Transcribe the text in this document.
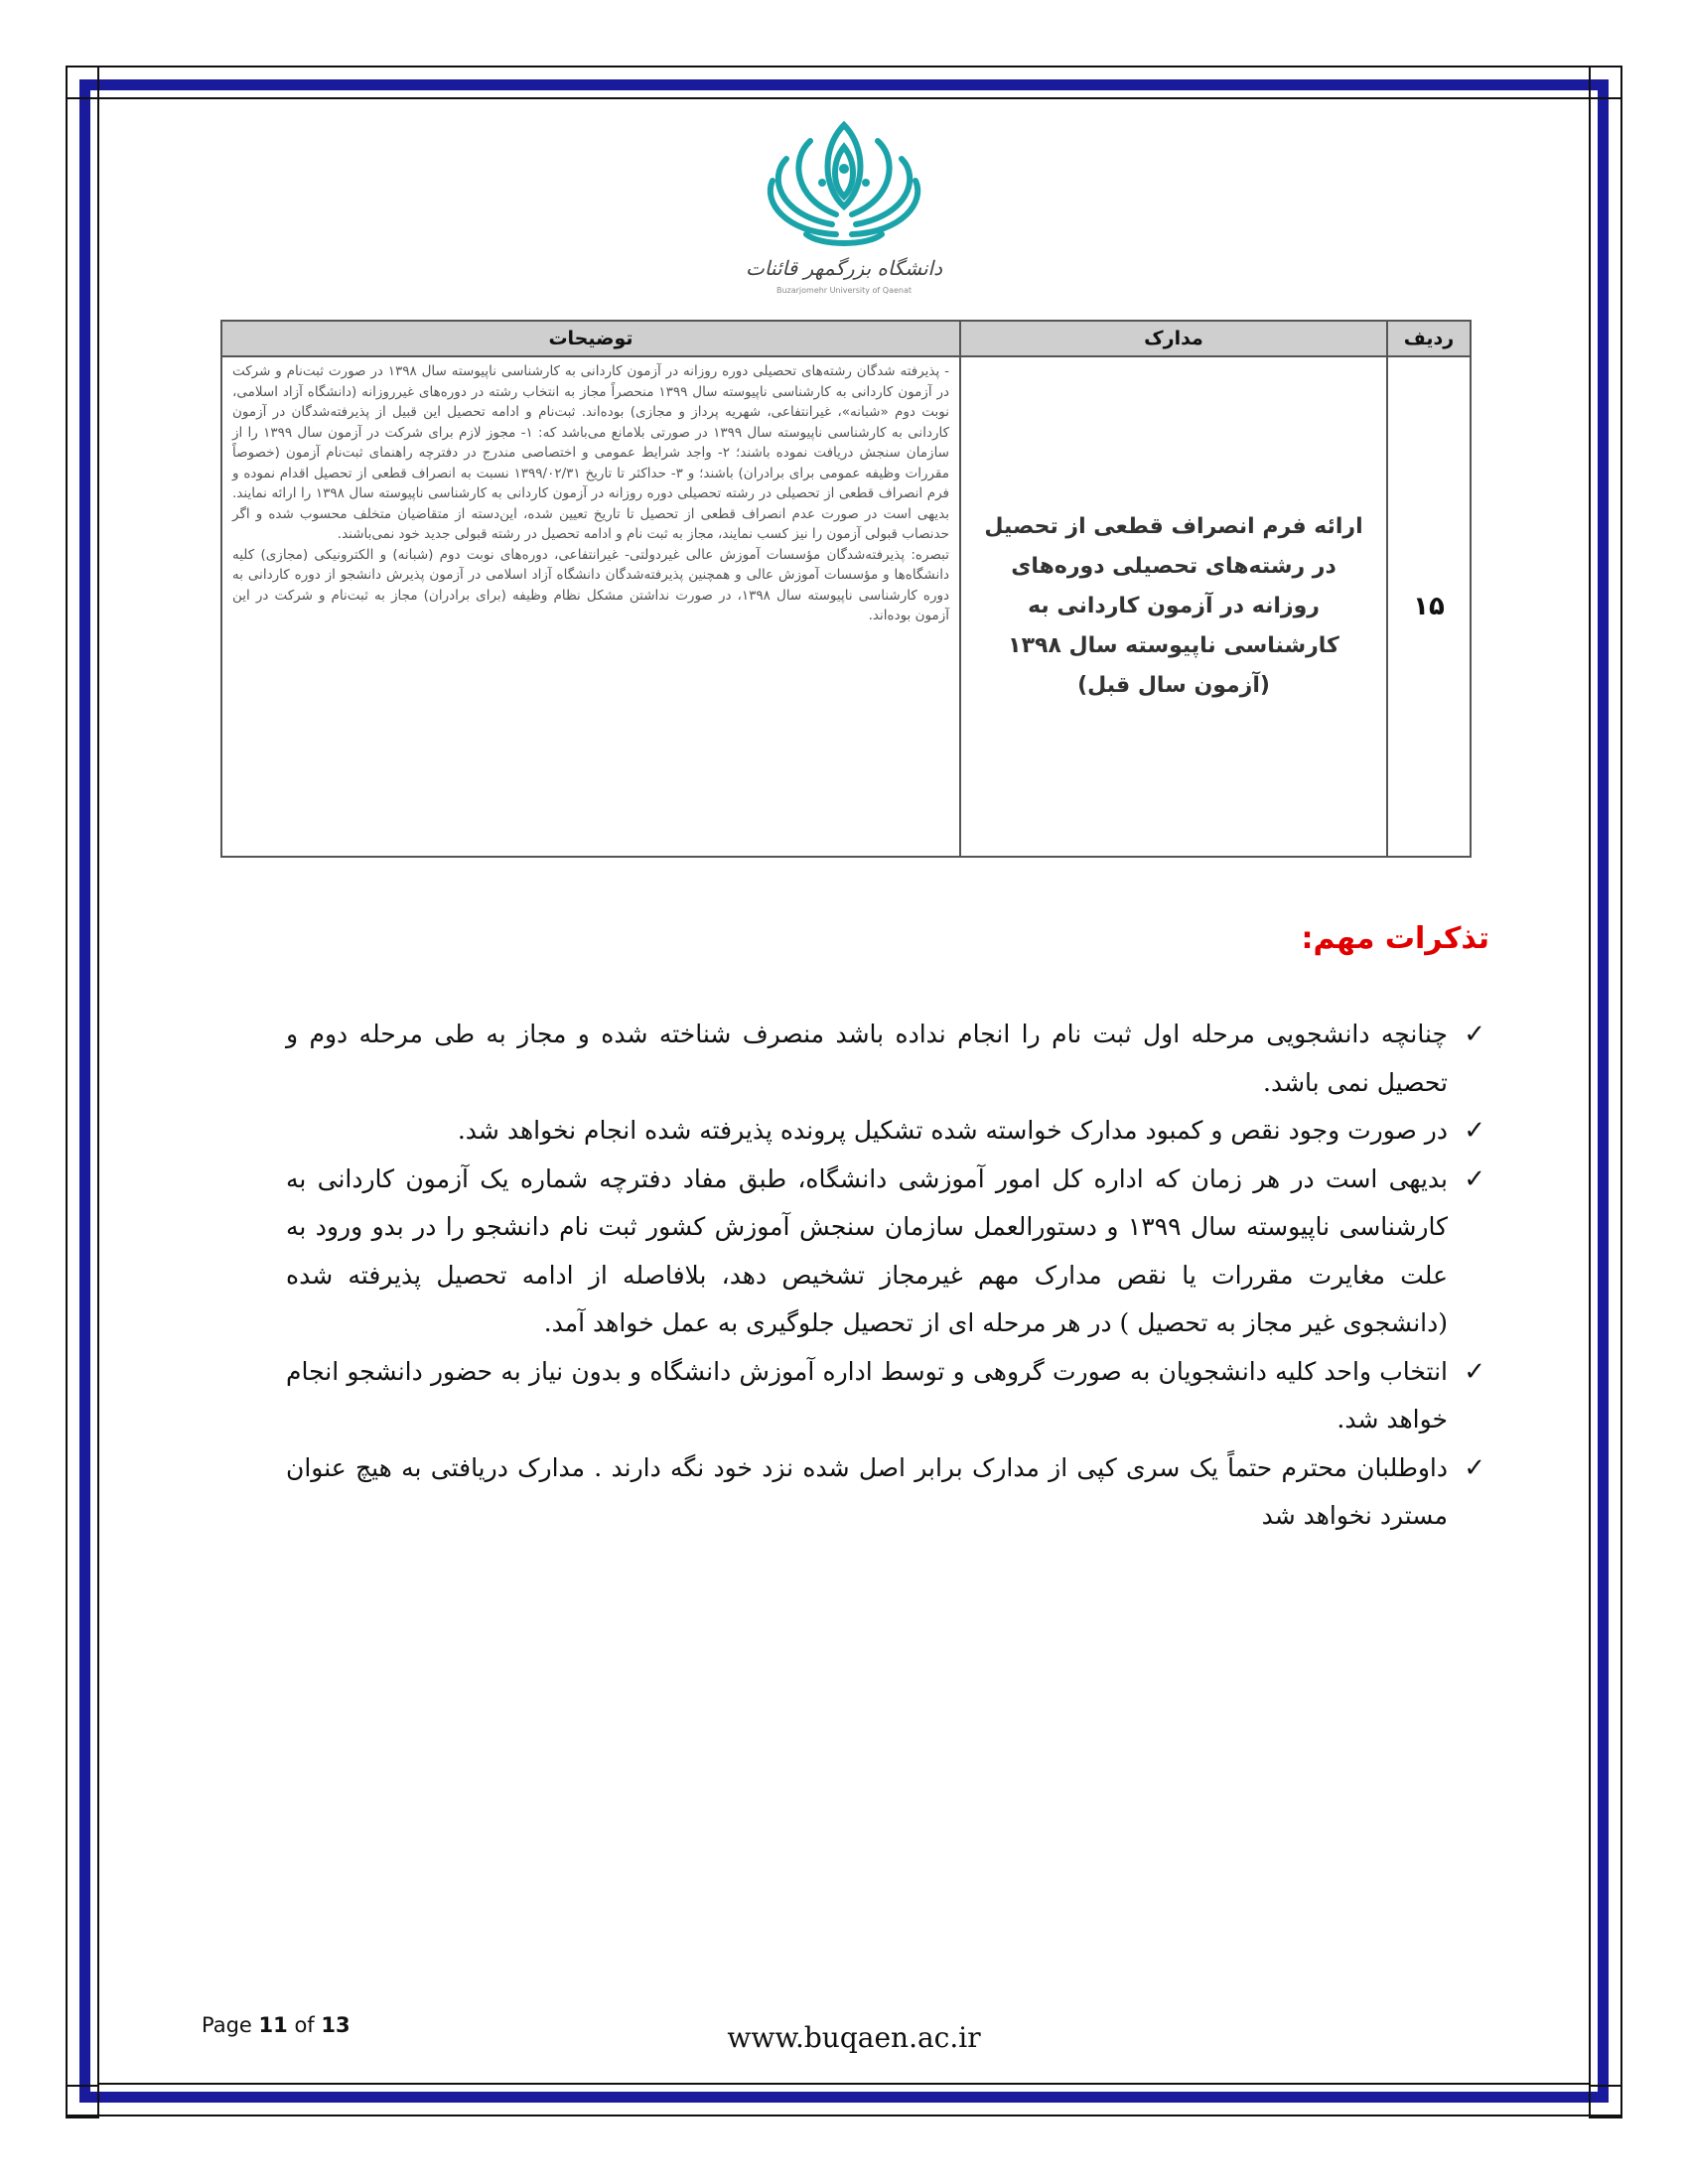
دانشگاه بزرگمهر قائنات
Buzarjomehr University of Qaenat
ردیف	مدارک	توضیحات
۱۵	ارائه فرم انصراف قطعی از تحصیل در رشته‌های تحصیلی دوره‌های روزانه در آزمون کاردانی به کارشناسی ناپیوسته سال ۱۳۹۸ (آزمون سال قبل)	- پذیرفته شدگان رشته‌های تحصیلی دوره روزانه در آزمون کاردانی به کارشناسی ناپیوسته سال ۱۳۹۸ در صورت ثبت‌نام و شرکت در آزمون کاردانی به کارشناسی ناپیوسته سال ۱۳۹۹ منحصراً مجاز به انتخاب رشته در دوره‌های غیرروزانه (دانشگاه آزاد اسلامی، نوبت دوم «شبانه»، غیرانتفاعی، شهریه پرداز و مجازی) بوده‌اند. ثبت‌نام و ادامه تحصیل این قبیل از پذیرفته‌شدگان در آزمون کاردانی به کارشناسی ناپیوسته سال ۱۳۹۹ در صورتی بلامانع می‌باشد که: ۱- مجوز لازم برای شرکت در آزمون سال ۱۳۹۹ را از سازمان سنجش دریافت نموده باشند؛ ۲- واجد شرایط عمومی و اختصاصی مندرج در دفترچه راهنمای ثبت‌نام آزمون (خصوصاً مقررات وظیفه عمومی برای برادران) باشند؛ و ۳- حداکثر تا تاریخ ۱۳۹۹/۰۲/۳۱ نسبت به انصراف قطعی از تحصیل اقدام نموده و فرم انصراف قطعی از تحصیلی در رشته تحصیلی دوره روزانه در آزمون کاردانی به کارشناسی ناپیوسته سال ۱۳۹۸ را ارائه نمایند. بدیهی است در صورت عدم انصراف قطعی از تحصیل تا تاریخ تعیین شده، این‌دسته از متقاضیان متخلف محسوب شده و اگر حدنصاب قبولی آزمون را نیز کسب نمایند، مجاز به ثبت نام و ادامه تحصیل در رشته قبولی جدید خود نمی‌باشند.

تبصره: پذیرفته‌شدگان مؤسسات آموزش عالی غیردولتی- غیرانتفاعی، دوره‌های نوبت دوم (شبانه) و الکترونیکی (مجازی) کلیه دانشگاه‌ها و مؤسسات آموزش عالی و همچنین پذیرفته‌شدگان دانشگاه آزاد اسلامی در آزمون پذیرش دانشجو از دوره کاردانی به دوره کارشناسی ناپیوسته سال ۱۳۹۸، در صورت نداشتن مشکل نظام وظیفه (برای برادران) مجاز به ثبت‌نام و شرکت در این آزمون بوده‌اند.

تذکرات مهم:
✓
چنانچه دانشجویی مرحله اول ثبت نام را انجام نداده باشد منصرف شناخته شده و مجاز به طی مرحله دوم و تحصیل نمی باشد.
✓
در صورت وجود نقص و کمبود مدارک خواسته شده تشکیل پرونده پذیرفته شده انجام نخواهد شد.
✓
بدیهی است در هر زمان که اداره کل امور آموزشی دانشگاه، طبق مفاد دفترچه شماره یک آزمون کاردانی به کارشناسی ناپیوسته سال ۱۳۹۹ و دستورالعمل سازمان سنجش آموزش کشور ثبت نام دانشجو را در بدو ورود به علت مغایرت مقررات یا نقص مدارک مهم غیرمجاز تشخیص دهد، بلافاصله از ادامه تحصیل پذیرفته شده (دانشجوی غیر مجاز به تحصیل ) در هر مرحله ای از تحصیل جلوگیری به عمل خواهد آمد.
✓
انتخاب واحد کلیه دانشجویان به صورت گروهی و توسط اداره آموزش دانشگاه و بدون نیاز به حضور دانشجو انجام خواهد شد.
✓
داوطلبان محترم حتماً یک سری کپی از مدارک برابر اصل شده نزد خود نگه دارند . مدارک دریافتی به هیچ عنوان مسترد نخواهد شد
Page 11 of 13	www.buqaen.ac.ir
